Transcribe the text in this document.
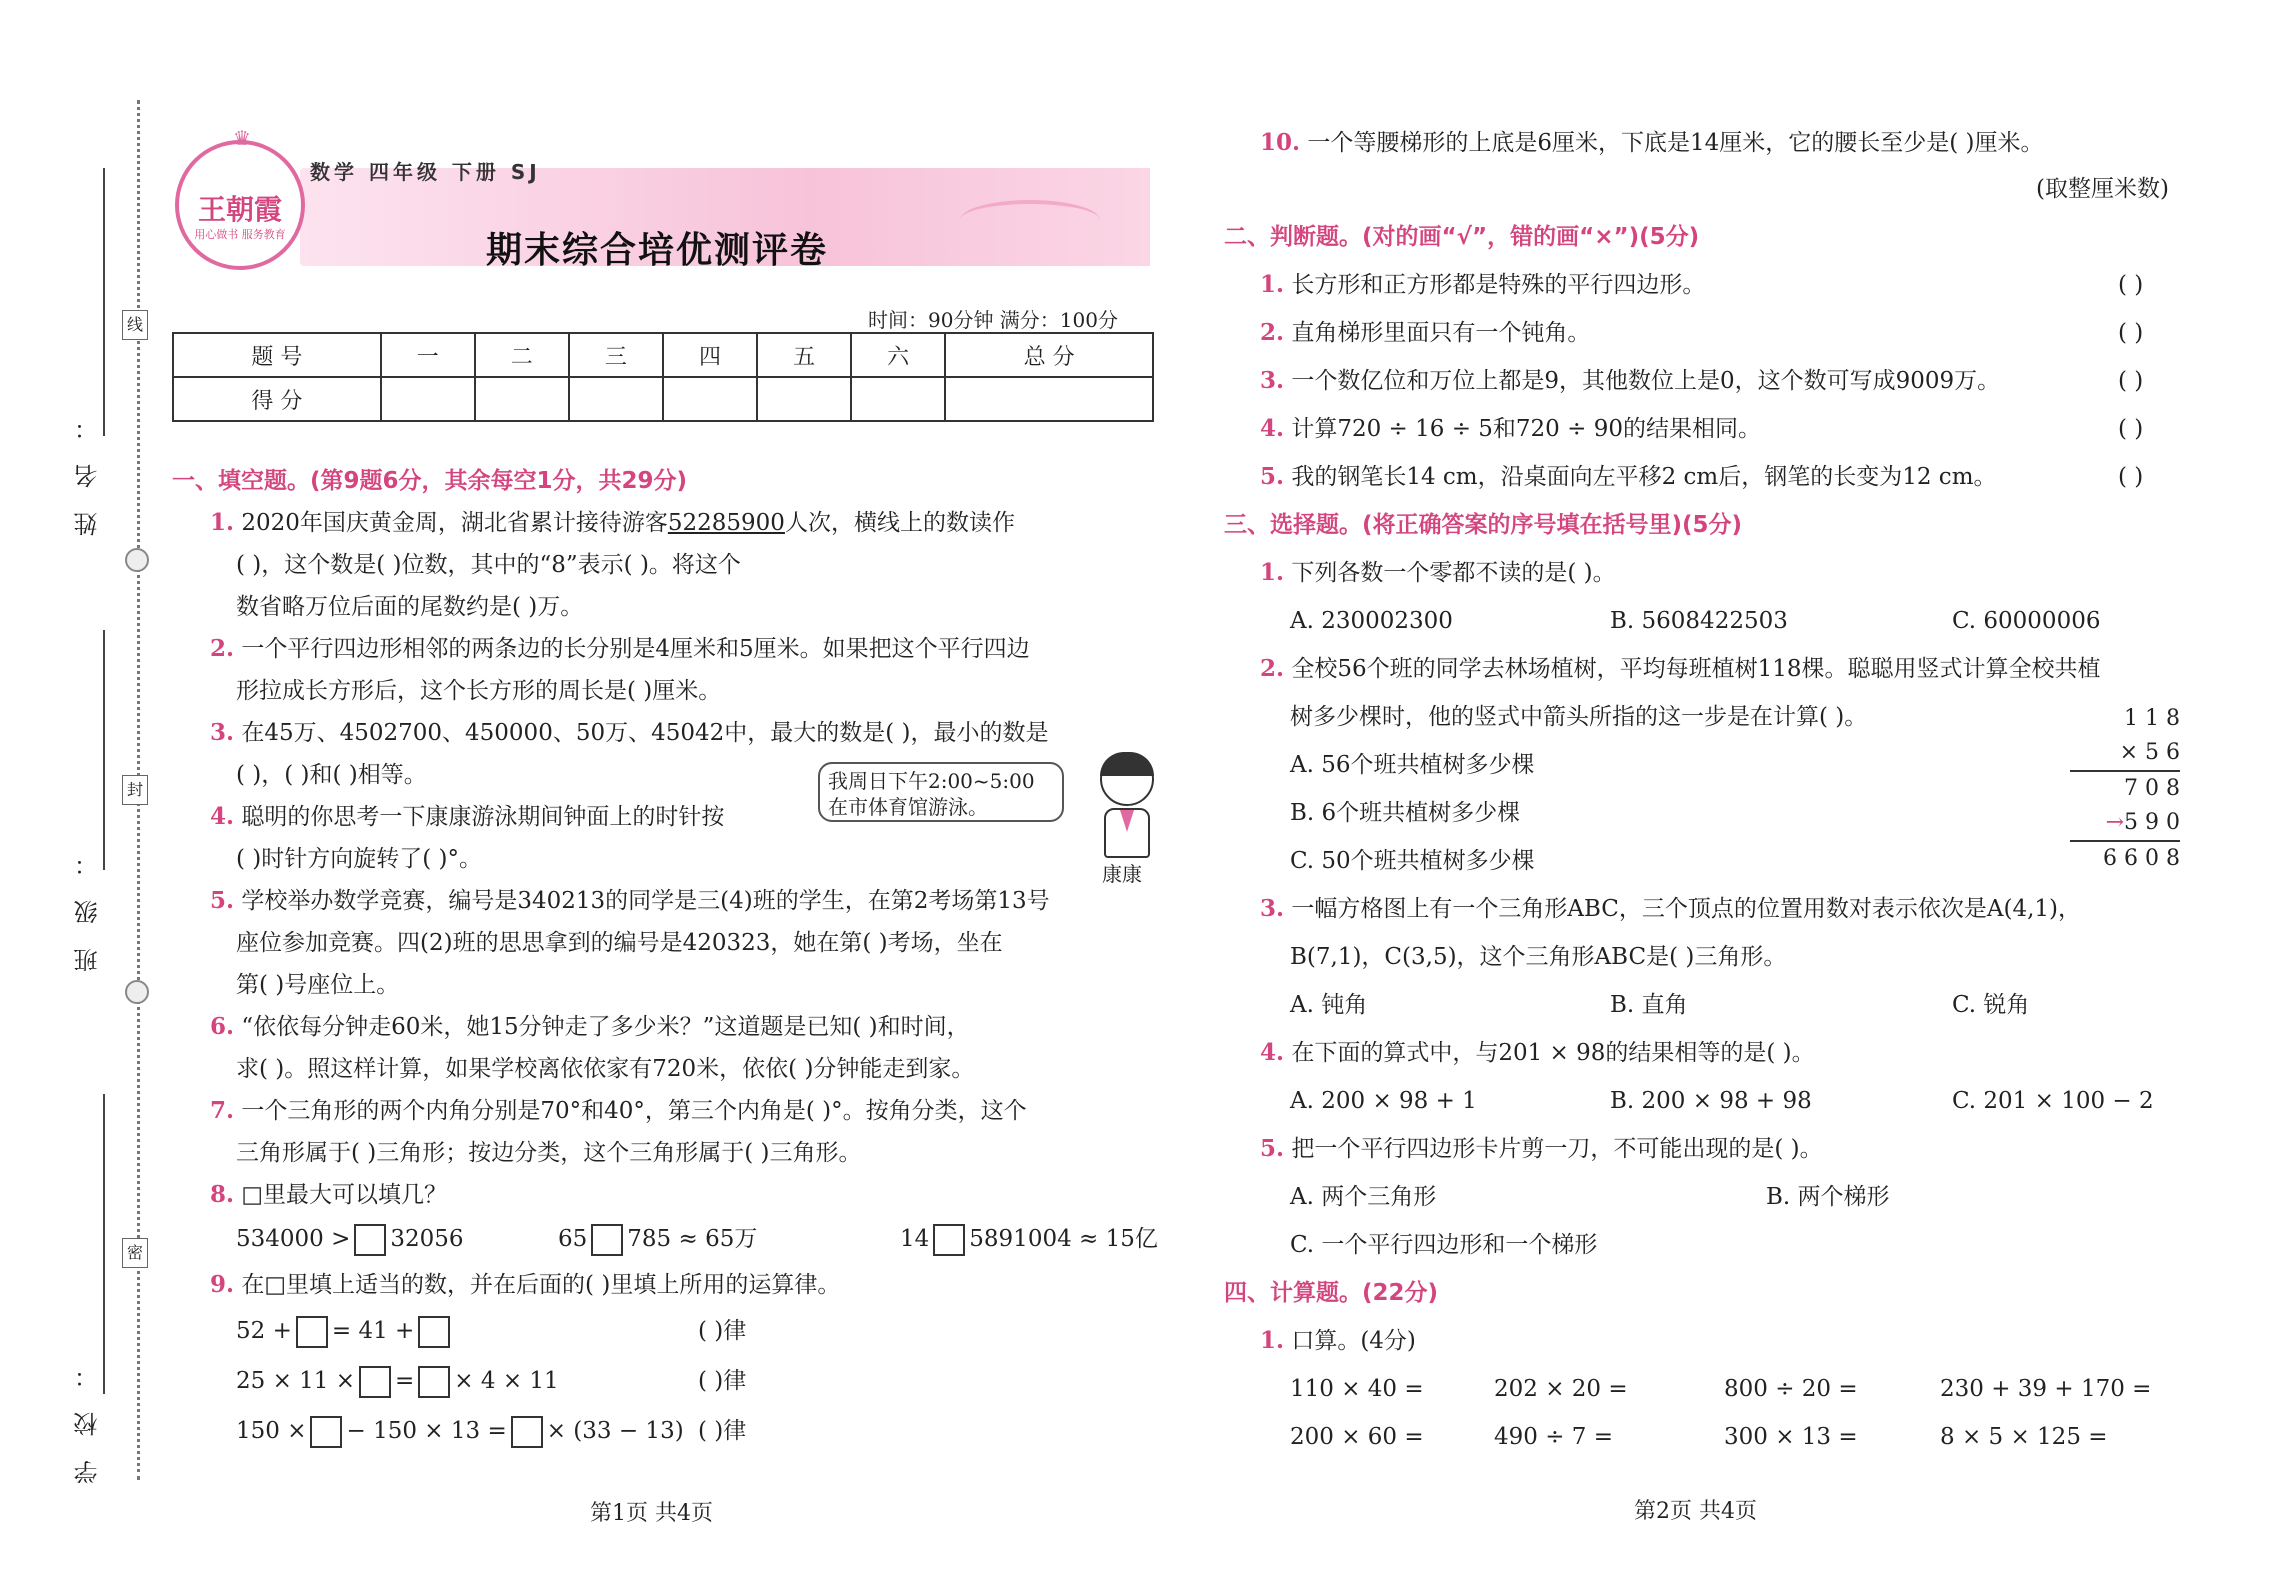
姓名：
班级：
学校：
线
封
密
♛
王朝霞
用心做书 服务教育
数学 四年级 下册 SJ
期末综合培优测评卷
时间：90分钟 满分：100分
题 号	一	二	三	四	五	六	总 分
得 分							
一、填空题。(第9题6分，其余每空1分，共29分)
1. 2020年国庆黄金周，湖北省累计接待游客52285900人次，横线上的数读作
( )，这个数是( )位数，其中的“8”表示( )。将这个
数省略万位后面的尾数约是( )万。
2. 一个平行四边形相邻的两条边的长分别是4厘米和5厘米。如果把这个平行四边
形拉成长方形后，这个长方形的周长是( )厘米。
3. 在45万、4502700、450000、50万、45042中，最大的数是( )，最小的数是
( )，( )和( )相等。
4. 聪明的你思考一下康康游泳期间钟面上的时针按
( )时针方向旋转了( )°。
我周日下午2:00~5:00
在市体育馆游泳。
康康
5. 学校举办数学竞赛，编号是340213的同学是三(4)班的学生，在第2考场第13号
座位参加竞赛。四(2)班的思思拿到的编号是420323，她在第( )考场，坐在
第( )号座位上。
6. “依依每分钟走60米，她15分钟走了多少米？”这道题是已知( )和时间，
求( )。照这样计算，如果学校离依依家有720米，依依( )分钟能走到家。
7. 一个三角形的两个内角分别是70°和40°，第三个内角是( )°。按角分类，这个
三角形属于( )三角形；按边分类，这个三角形属于( )三角形。
8. □里最大可以填几？
534000 > 32056	65 785 ≈ 65万	14 5891004 ≈ 15亿
9. 在□里填上适当的数，并在后面的( )里填上所用的运算律。
52 + = 41 +	( )律
25 × 11 × = × 4 × 11	( )律
150 × − 150 × 13 = × (33 − 13) ( )律
10. 一个等腰梯形的上底是6厘米，下底是14厘米，它的腰长至少是( )厘米。
(取整厘米数)
二、判断题。(对的画“√”，错的画“×”)(5分)
1. 长方形和正方形都是特殊的平行四边形。	( )
2. 直角梯形里面只有一个钝角。	( )
3. 一个数亿位和万位上都是9，其他数位上是0，这个数可写成9009万。	( )
4. 计算720 ÷ 16 ÷ 5和720 ÷ 90的结果相同。	( )
5. 我的钢笔长14 cm，沿桌面向左平移2 cm后，钢笔的长变为12 cm。	( )
三、选择题。(将正确答案的序号填在括号里)(5分)
1. 下列各数一个零都不读的是( )。
A. 230002300	B. 5608422503	C. 60000006
2. 全校56个班的同学去林场植树，平均每班植树118棵。聪聪用竖式计算全校共植
树多少棵时，他的竖式中箭头所指的这一步是在计算( )。
A. 56个班共植树多少棵
B. 6个班共植树多少棵
C. 50个班共植树多少棵
1 1 8
× 5 6
7 0 8
→5 9 0
6 6 0 8
3. 一幅方格图上有一个三角形ABC，三个顶点的位置用数对表示依次是A(4,1)，
B(7,1)，C(3,5)，这个三角形ABC是( )三角形。
A. 钝角	B. 直角	C. 锐角
4. 在下面的算式中，与201 × 98的结果相等的是( )。
A. 200 × 98 + 1	B. 200 × 98 + 98	C. 201 × 100 − 2
5. 把一个平行四边形卡片剪一刀，不可能出现的是( )。
A. 两个三角形	B. 两个梯形
C. 一个平行四边形和一个梯形
四、计算题。(22分)
1. 口算。(4分)
110 × 40 =	202 × 20 =	800 ÷ 20 =	230 + 39 + 170 =
200 × 60 =	490 ÷ 7 =	300 × 13 =	8 × 5 × 125 =
第1页 共4页	第2页 共4页
